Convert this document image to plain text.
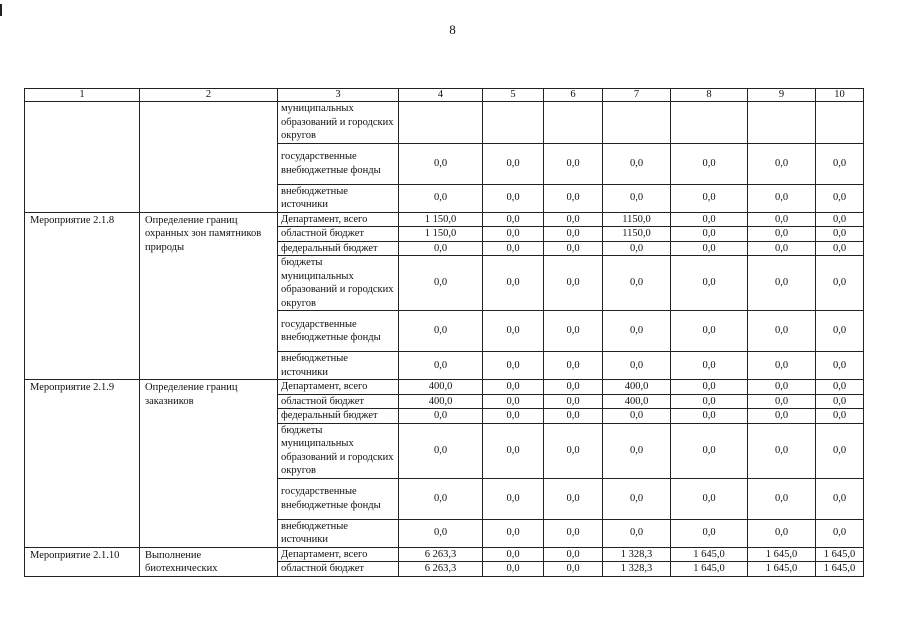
8
1	2	3	4	5	6	7	8	9	10
		муниципальных образований и городских округов							
		государственные внебюджетные фонды	0,0	0,0	0,0	0,0	0,0	0,0	0,0
		внебюджетные источники	0,0	0,0	0,0	0,0	0,0	0,0	0,0
Мероприятие 2.1.8	Определение границ охранных зон памятников природы	Департамент, всего	1 150,0	0,0	0,0	1150,0	0,0	0,0	0,0
		областной бюджет	1 150,0	0,0	0,0	1150,0	0,0	0,0	0,0
		федеральный бюджет	0,0	0,0	0,0	0,0	0,0	0,0	0,0
		бюджеты муниципальных образований и городских округов	0,0	0,0	0,0	0,0	0,0	0,0	0,0
		государственные внебюджетные фонды	0,0	0,0	0,0	0,0	0,0	0,0	0,0
		внебюджетные источники	0,0	0,0	0,0	0,0	0,0	0,0	0,0
Мероприятие 2.1.9	Определение границ заказников	Департамент, всего	400,0	0,0	0,0	400,0	0,0	0,0	0,0
		областной бюджет	400,0	0,0	0,0	400,0	0,0	0,0	0,0
		федеральный бюджет	0,0	0,0	0,0	0,0	0,0	0,0	0,0
		бюджеты муниципальных образований и городских округов	0,0	0,0	0,0	0,0	0,0	0,0	0,0
		государственные внебюджетные фонды	0,0	0,0	0,0	0,0	0,0	0,0	0,0
		внебюджетные источники	0,0	0,0	0,0	0,0	0,0	0,0	0,0
Мероприятие 2.1.10	Выполнение биотехнических	Департамент, всего	6 263,3	0,0	0,0	1 328,3	1 645,0	1 645,0	1 645,0
		областной бюджет	6 263,3	0,0	0,0	1 328,3	1 645,0	1 645,0	1 645,0
